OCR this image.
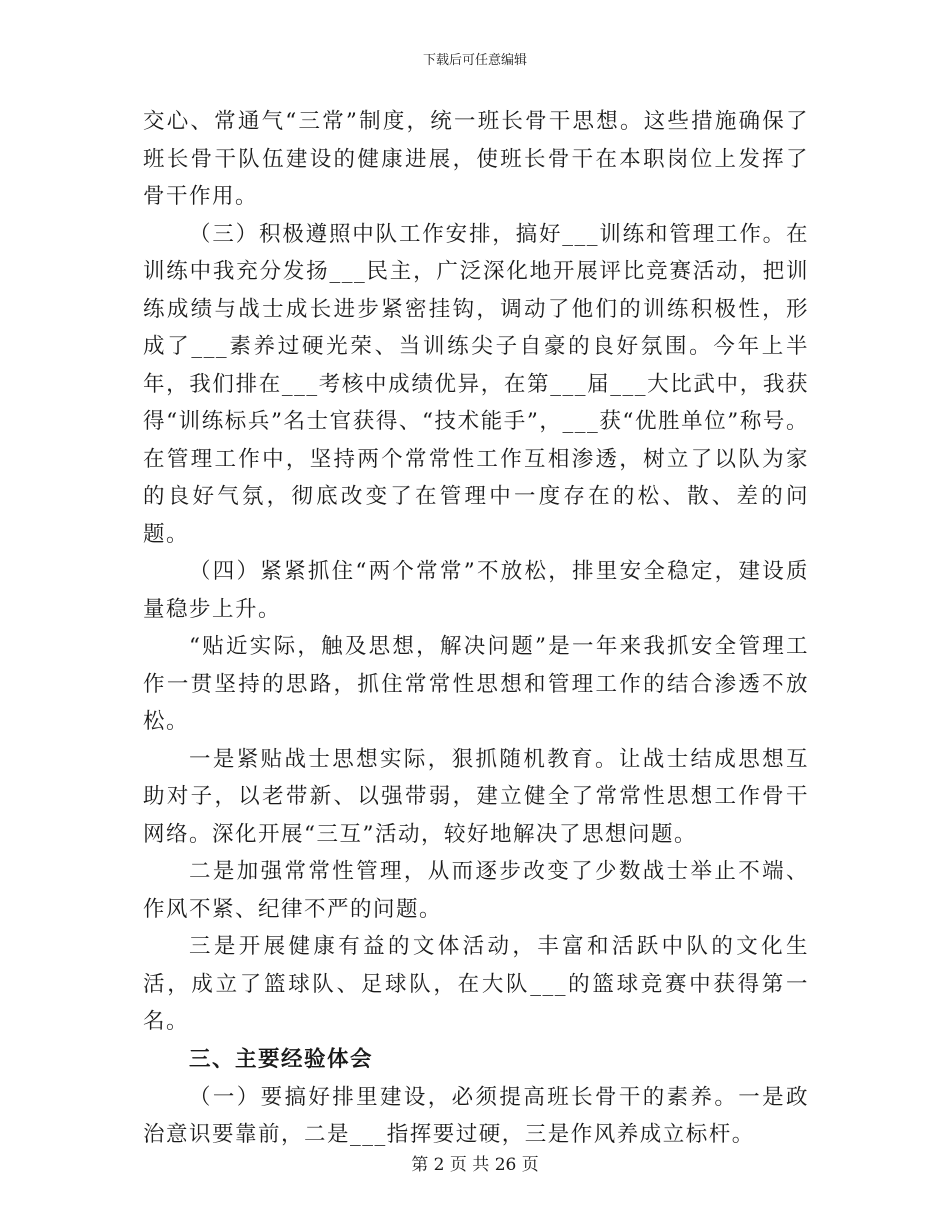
下载后可任意编辑

交心、常通气“三常”制度，统一班长骨干思想。这些措施确保了班长骨干队伍建设的健康进展，使班长骨干在本职岗位上发挥了骨干作用。

（三）积极遵照中队工作安排，搞好___训练和管理工作。在训练中我充分发扬___民主，广泛深化地开展评比竞赛活动，把训练成绩与战士成长进步紧密挂钩，调动了他们的训练积极性，形成了___素养过硬光荣、当训练尖子自豪的良好氛围。今年上半年，我们排在___考核中成绩优异，在第___届___大比武中，我获得“训练标兵”名士官获得、“技术能手”，___获“优胜单位”称号。在管理工作中，坚持两个常常性工作互相渗透，树立了以队为家的良好气氛，彻底改变了在管理中一度存在的松、散、差的问题。

（四）紧紧抓住“两个常常”不放松，排里安全稳定，建设质量稳步上升。

“贴近实际，触及思想，解决问题”是一年来我抓安全管理工作一贯坚持的思路，抓住常常性思想和管理工作的结合渗透不放松。

一是紧贴战士思想实际，狠抓随机教育。让战士结成思想互助对子，以老带新、以强带弱，建立健全了常常性思想工作骨干网络。深化开展“三互”活动，较好地解决了思想问题。

二是加强常常性管理，从而逐步改变了少数战士举止不端、作风不紧、纪律不严的问题。

三是开展健康有益的文体活动，丰富和活跃中队的文化生活，成立了篮球队、足球队，在大队___的篮球竞赛中获得第一名。

三、主要经验体会

（一）要搞好排里建设，必须提高班长骨干的素养。一是政治意识要靠前，二是___指挥要过硬，三是作风养成立标杆。

第 2 页 共 26 页
